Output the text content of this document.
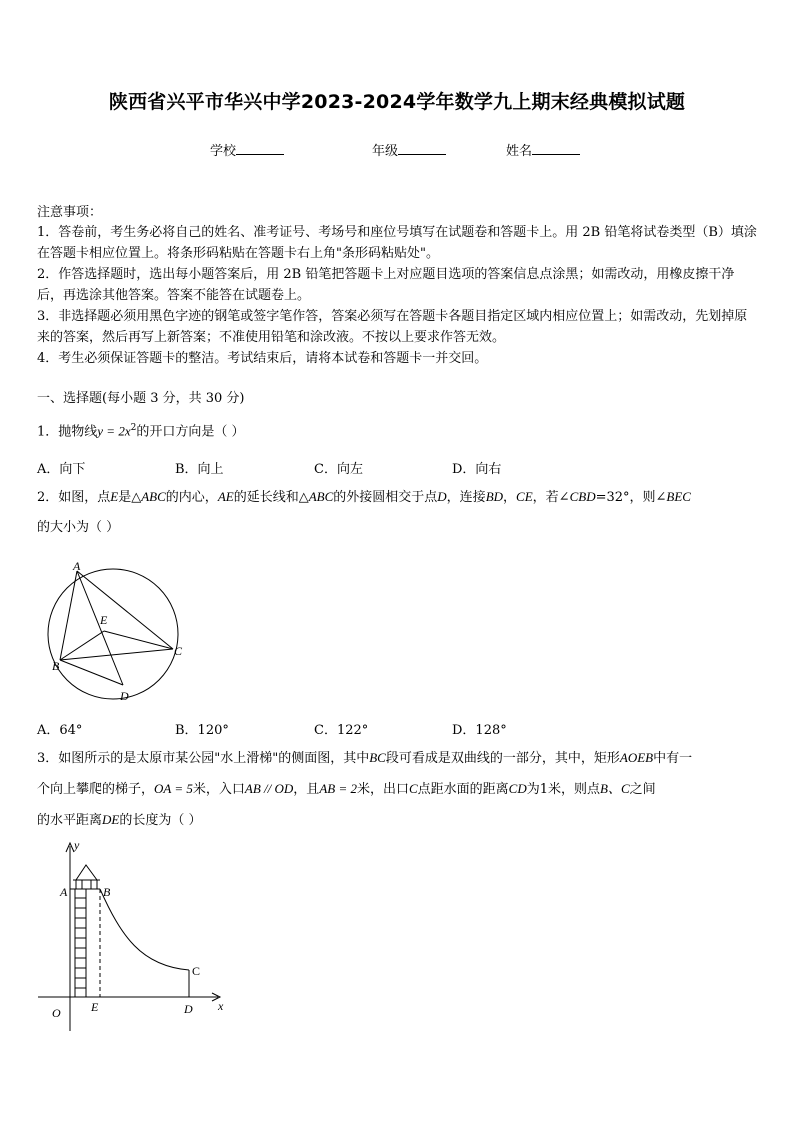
陕西省兴平市华兴中学2023-2024学年数学九上期末经典模拟试题
学校	年级	姓名
注意事项：
1．答卷前，考生务必将自己的姓名、准考证号、考场号和座位号填写在试题卷和答题卡上。用 2B 铅笔将试卷类型（B）填涂在答题卡相应位置上。将条形码粘贴在答题卡右上角"条形码粘贴处"。
2．作答选择题时，选出每小题答案后，用 2B 铅笔把答题卡上对应题目选项的答案信息点涂黑；如需改动，用橡皮擦干净后，再选涂其他答案。答案不能答在试题卷上。
3．非选择题必须用黑色字迹的钢笔或签字笔作答，答案必须写在答题卡各题目指定区域内相应位置上；如需改动，先划掉原来的答案，然后再写上新答案；不准使用铅笔和涂改液。不按以上要求作答无效。
4．考生必须保证答题卡的整洁。考试结束后，请将本试卷和答题卡一并交回。
一、选择题(每小题 3 分，共 30 分)
1．抛物线$y = 2x^2$的开口方向是（ ）
A．向下	B．向上	C．向左	D．向右
2．如图，点E是△ABC的内心，AE的延长线和△ABC的外接圆相交于点D，连接BD，CE，若∠CBD=32°，则∠BEC
的大小为（ ）
A
E
B
C
D
A．64°	B．120°	C．122°	D．128°
3．如图所示的是太原市某公园"水上滑梯"的侧面图，其中BC段可看成是双曲线的一部分，其中，矩形AOEB中有一
个向上攀爬的梯子，OA = 5米，入口AB // OD，且AB = 2米，出口C点距水面的距离CD为1米，则点B、C之间
的水平距离DE的长度为（ ）
y
A	B
C
O	E	D x
